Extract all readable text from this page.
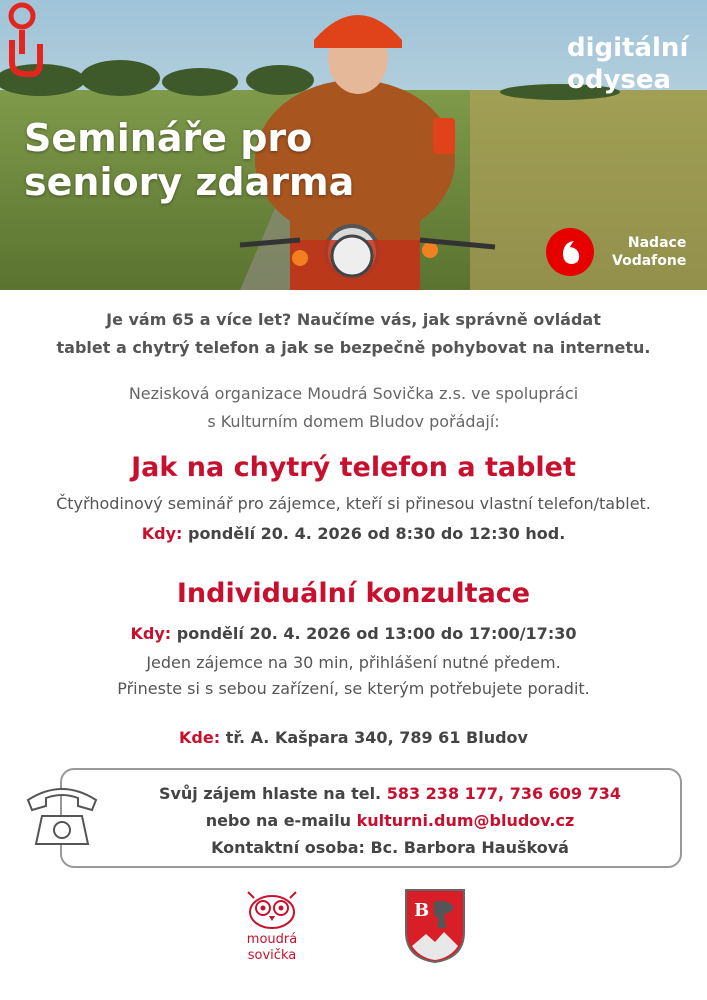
Semináře pro
seniory zdarma
digitální
odysea
Nadace
Vodafone
Je vám 65 a více let? Naučíme vás, jak správně ovládat
tablet a chytrý telefon a jak se bezpečně pohybovat na internetu.
Nezisková organizace Moudrá Sovička z.s. ve spolupráci
s Kulturním domem Bludov pořádají:
Jak na chytrý telefon a tablet
Čtyřhodinový seminář pro zájemce, kteří si přinesou vlastní telefon/tablet.
Kdy: pondělí 20. 4. 2026 od 8:30 do 12:30 hod.
Individuální konzultace
Kdy: pondělí 20. 4. 2026 od 13:00 do 17:00/17:30
Jeden zájemce na 30 min, přihlášení nutné předem.
Přineste si s sebou zařízení, se kterým potřebujete poradit.
Kde: tř. A. Kašpara 340, 789 61 Bludov
Svůj zájem hlaste na tel. 583 238 177, 736 609 734
nebo na e-mailu kulturni.dum@bludov.cz
Kontaktní osoba: Bc. Barbora Haušková
moudrá
sovička
B
